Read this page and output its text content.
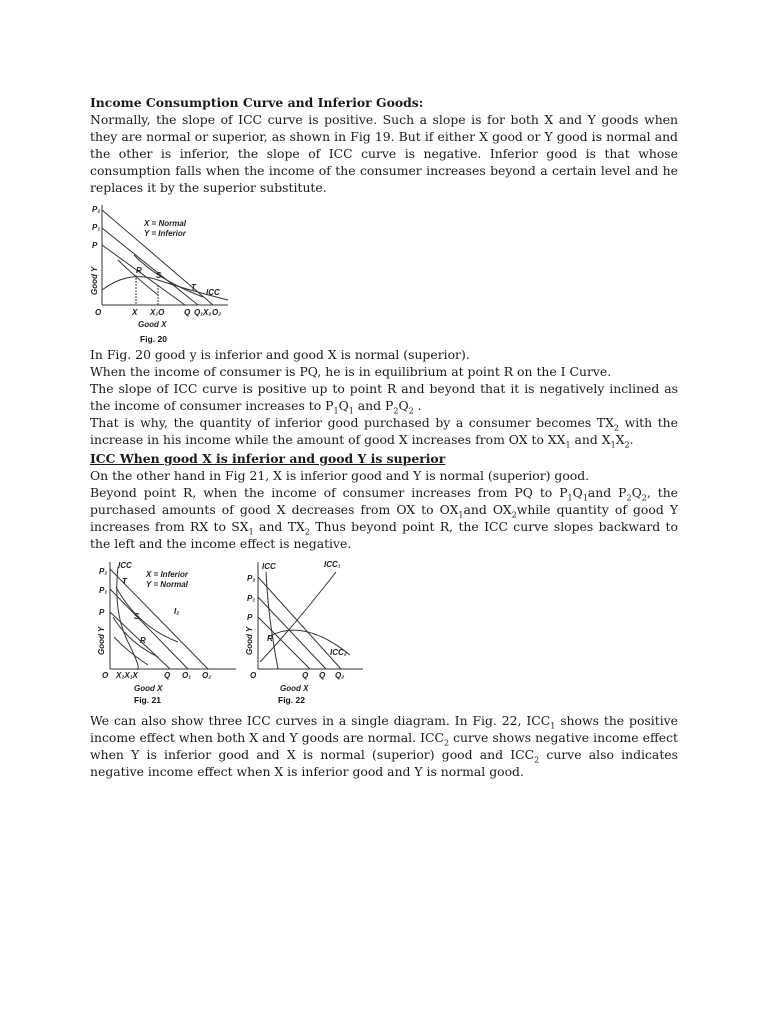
Income Consumption Curve and Inferior Goods:
Normally, the slope of ICC curve is positive. Such a slope is for both X and Y goods when they are normal or superior, as shown in Fig 19. But if either X good or Y good is normal and the other is inferior, the slope of ICC curve is negative. Inferior good is that whose consumption falls when the income of the consumer increases beyond a certain level and he replaces it by the superior substitute.
P₂
P₁
P
X = Normal
Y = Inferior
R
S
T
ICC
O	X X₁O Q Q₁X₂ O₂
Good X
Good Y
Fig. 20
In Fig. 20 good y is inferior and good X is normal (superior).
When the income of consumer is PQ, he is in equilibrium at point R on the I Curve.
The slope of ICC curve is positive up to point R and beyond that it is negatively inclined as the income of consumer increases to $P_1Q_1$ and $P_2Q_2$ .
That is why, the quantity of inferior good purchased by a consumer becomes $TX_2$ with the increase in his income while the amount of good X increases from OX to $XX_1$ and $X_1X_2$.
ICC When good X is inferior and good Y is superior
On the other hand in Fig 21, X is inferior good and Y is normal (superior) good.
Beyond point R, when the income of consumer increases from PQ to $P_1Q_1and$ $P_2Q_2$, the purchased amounts of good X decreases from OX to $OX_1and$ $OX_2while$ quantity of good Y increases from RX to $SX_1$ and $TX_2$ Thus beyond point R, the ICC curve slopes backward to the left and the income effect is negative.
ICC
P₂
P₁
P
X = Inferior
Y = Normal
T
S
R
I₂
O X₂X₁X	Q O₁ O₂
Good X
Good Y
Fig. 21
ICC	ICC₁
ICC₂
P₂
P₁
P
R
O	Q Q Q₂
Good X
Good Y
Fig. 22
We can also show three ICC curves in a single diagram. In Fig. 22, $ICC_1$ shows the positive income effect when both X and Y goods are normal. $ICC_2$ curve shows negative income effect when Y is inferior good and X is normal (superior) good and $ICC_2$ curve also indicates negative income effect when X is inferior good and Y is normal good.
